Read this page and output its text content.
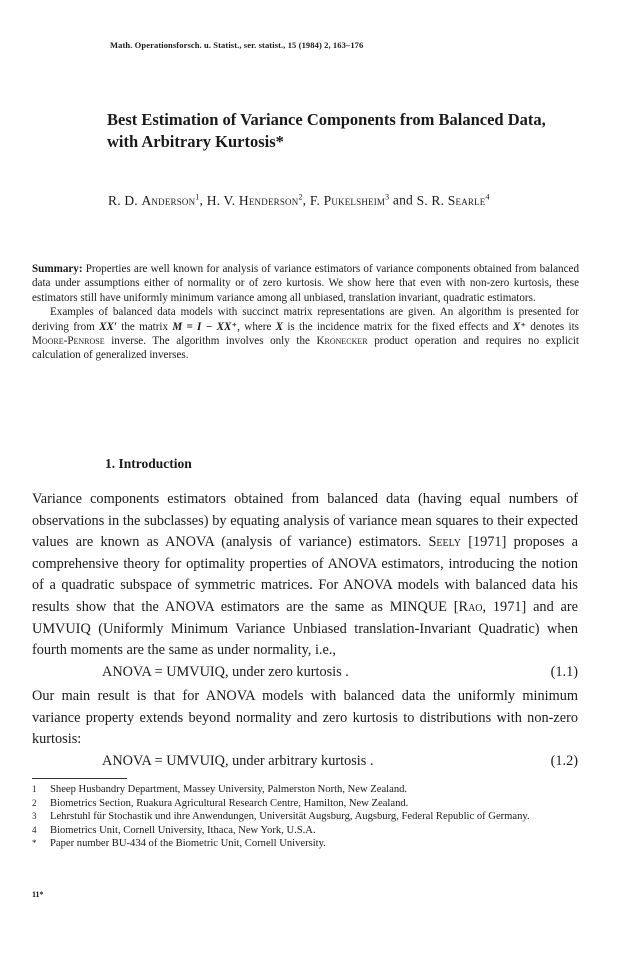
Math. Operationsforsch. u. Statist., ser. statist., 15 (1984) 2, 163–176
Best Estimation of Variance Components from Balanced Data,
with Arbitrary Kurtosis*
R. D. Anderson$^1$, H. V. Henderson$^2$, F. Pukelsheim$^3$ and S. R. Searle$^4$

Summary: Properties are well known for analysis of variance estimators of variance components obtained from balanced data under assumptions either of normality or of zero kurtosis. We show here that even with non-zero kurtosis, these estimators still have uniformly minimum variance among all unbiased, translation invariant, quadratic estimators.

Examples of balanced data models with succinct matrix representations are given. An algorithm is presented for deriving from XX′ the matrix M = I − XX⁺, where X is the incidence matrix for the fixed effects and X⁺ denotes its Moore-Penrose inverse. The algorithm involves only the Kronecker product operation and requires no explicit calculation of generalized inverses.

1. Introduction

Variance components estimators obtained from balanced data (having equal numbers of observations in the subclasses) by equating analysis of variance mean squares to their expected values are known as ANOVA (analysis of variance) estimators. Seely [1971] proposes a comprehensive theory for optimality properties of ANOVA estimators, introducing the notion of a quadratic subspace of symmetric matrices. For ANOVA models with balanced data his results show that the ANOVA estimators are the same as MINQUE [Rao, 1971] and are UMVUIQ (Uniformly Minimum Variance Unbiased translation-Invariant Quadratic) when fourth moments are the same as under normality, i.e.,

ANOVA = UMVUIQ, under zero kurtosis .	(1.1)

Our main result is that for ANOVA models with balanced data the uniformly minimum variance property extends beyond normality and zero kurtosis to distributions with non-zero kurtosis:

ANOVA = UMVUIQ, under arbitrary kurtosis .	(1.2)
1 Sheep Husbandry Department, Massey University, Palmerston North, New Zealand.
2 Biometrics Section, Ruakura Agricultural Research Centre, Hamilton, New Zealand.
3 Lehrstuhl für Stochastik und ihre Anwendungen, Universität Augsburg, Augsburg, Federal Republic of Germany.
4 Biometrics Unit, Cornell University, Ithaca, New York, U.S.A.
* Paper number BU-434 of the Biometric Unit, Cornell University.
11*
